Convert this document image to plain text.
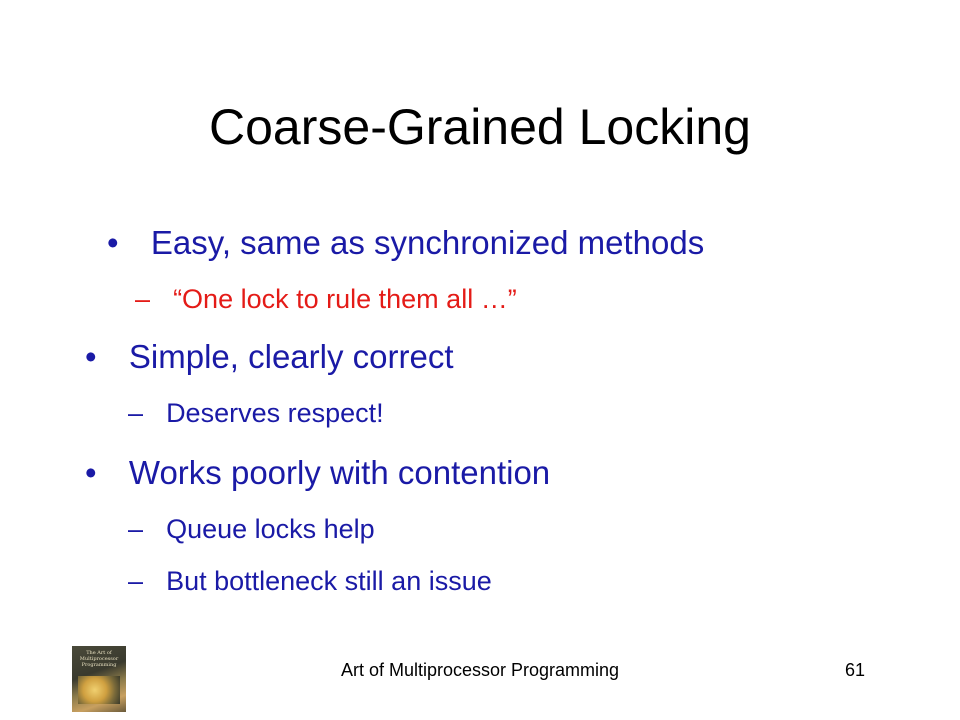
Coarse-Grained Locking
• Easy, same as synchronized methods
– “One lock to rule them all …”
• Simple, clearly correct
– Deserves respect!
• Works poorly with contention
– Queue locks help
– But bottleneck still an issue
The Art of Multiprocessor Programming	Art of Multiprocessor Programming	61
